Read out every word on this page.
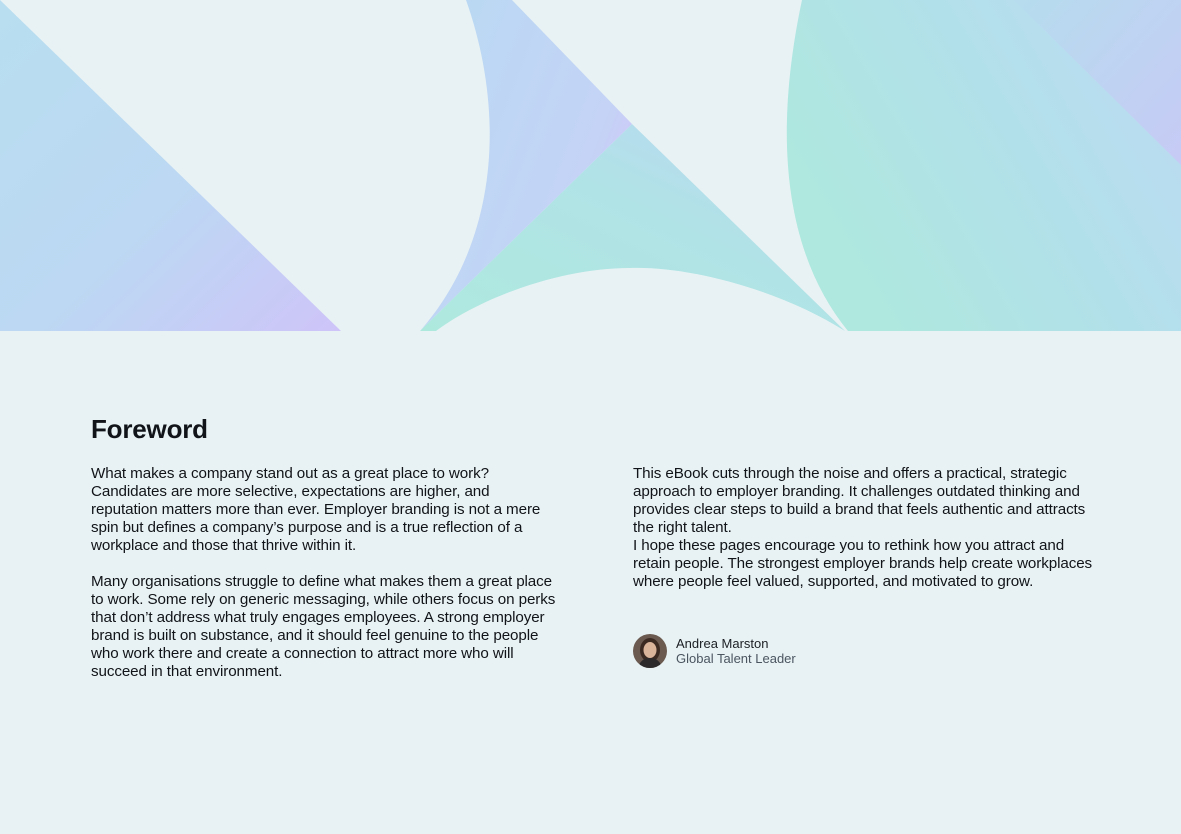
Foreword

What makes a company stand out as a great place to work? Candidates are more selective, expectations are higher, and reputation matters more than ever. Employer branding is not a mere spin but defines a company’s purpose and is a true reflection of a workplace and those that thrive within it.

Many organisations struggle to define what makes them a great place to work. Some rely on generic messaging, while others focus on perks that don’t address what truly engages employees. A strong employer brand is built on substance, and it should feel genuine to the people who work there and create a connection to attract more who will succeed in that environment.

This eBook cuts through the noise and offers a practical, strategic approach to employer branding. It challenges outdated thinking and provides clear steps to build a brand that feels authentic and attracts the right talent.

I hope these pages encourage you to rethink how you attract and retain people. The strongest employer brands help create workplaces where people feel valued, supported, and motivated to grow.

Andrea Marston
Global Talent Leader
